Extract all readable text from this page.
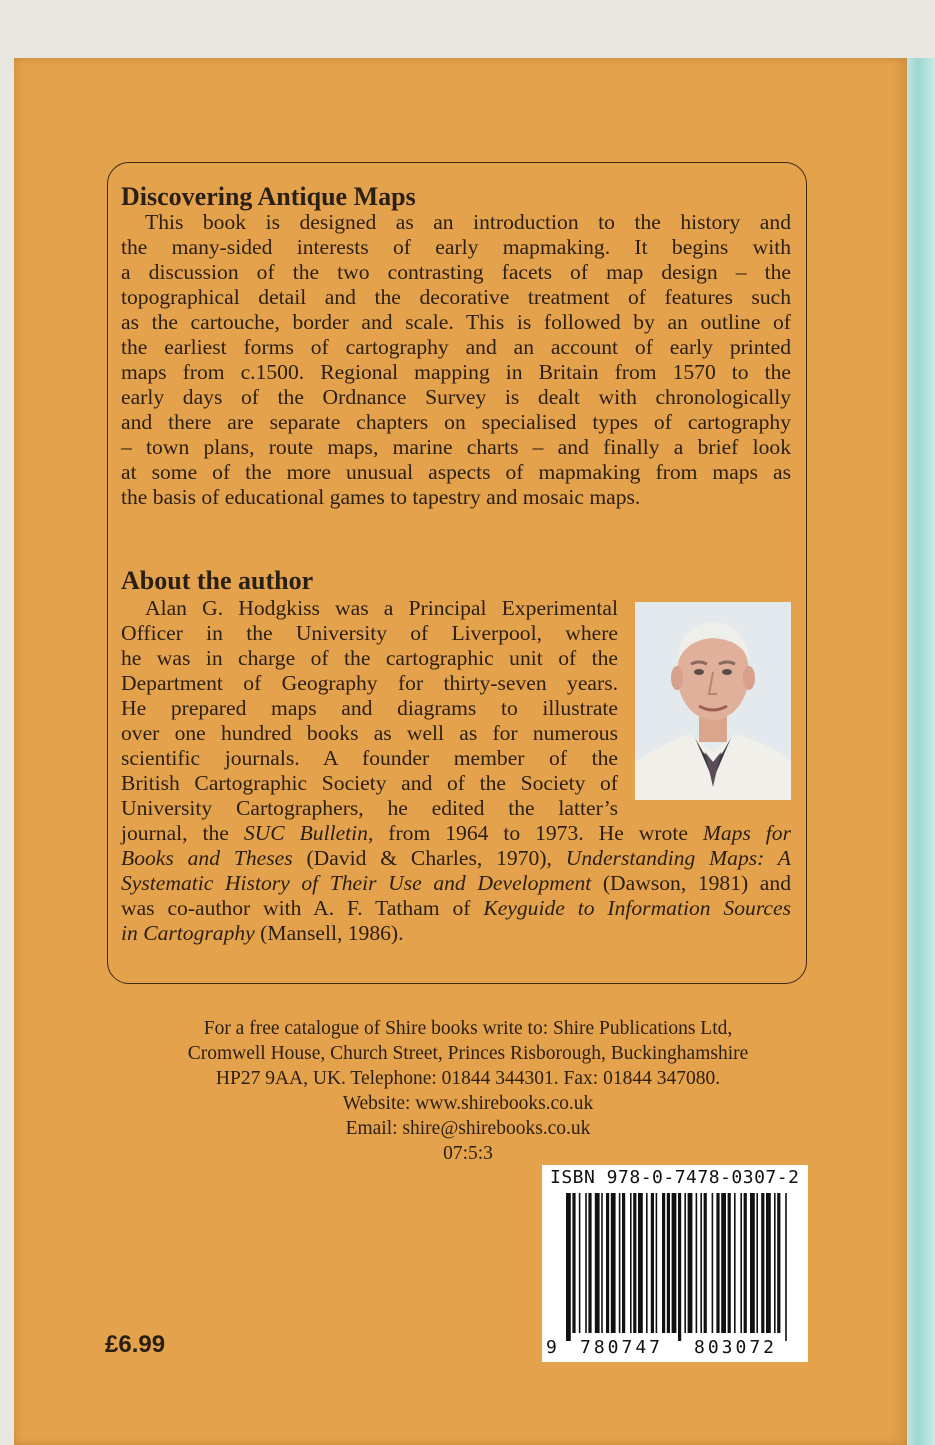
Discovering Antique Maps
This book is designed as an introduction to the history and
the many-sided interests of early mapmaking. It begins with
a discussion of the two contrasting facets of map design – the
topographical detail and the decorative treatment of features such
as the cartouche, border and scale. This is followed by an outline of
the earliest forms of cartography and an account of early printed
maps from c.1500. Regional mapping in Britain from 1570 to the
early days of the Ordnance Survey is dealt with chronologically
and there are separate chapters on specialised types of cartography
– town plans, route maps, marine charts – and finally a brief look
at some of the more unusual aspects of mapmaking from maps as
the basis of educational games to tapestry and mosaic maps.
About the author
Alan G. Hodgkiss was a Principal Experimental
Officer in the University of Liverpool, where
he was in charge of the cartographic unit of the
Department of Geography for thirty-seven years.
He prepared maps and diagrams to illustrate
over one hundred books as well as for numerous
scientific journals. A founder member of the
British Cartographic Society and of the Society of
University Cartographers, he edited the latter’s
journal, the SUC Bulletin, from 1964 to 1973. He wrote Maps for
Books and Theses (David & Charles, 1970), Understanding Maps: A
Systematic History of Their Use and Development (Dawson, 1981) and
was co-author with A. F. Tatham of Keyguide to Information Sources
in Cartography (Mansell, 1986).
For a free catalogue of Shire books write to: Shire Publications Ltd,
Cromwell House, Church Street, Princes Risborough, Buckinghamshire
HP27 9AA, UK. Telephone: 01844 344301. Fax: 01844 347080.
Website: www.shirebooks.co.uk
Email: shire@shirebooks.co.uk
07:5:3
ISBN 978-0-7478-0307-2
9 780747 803072
£6.99
